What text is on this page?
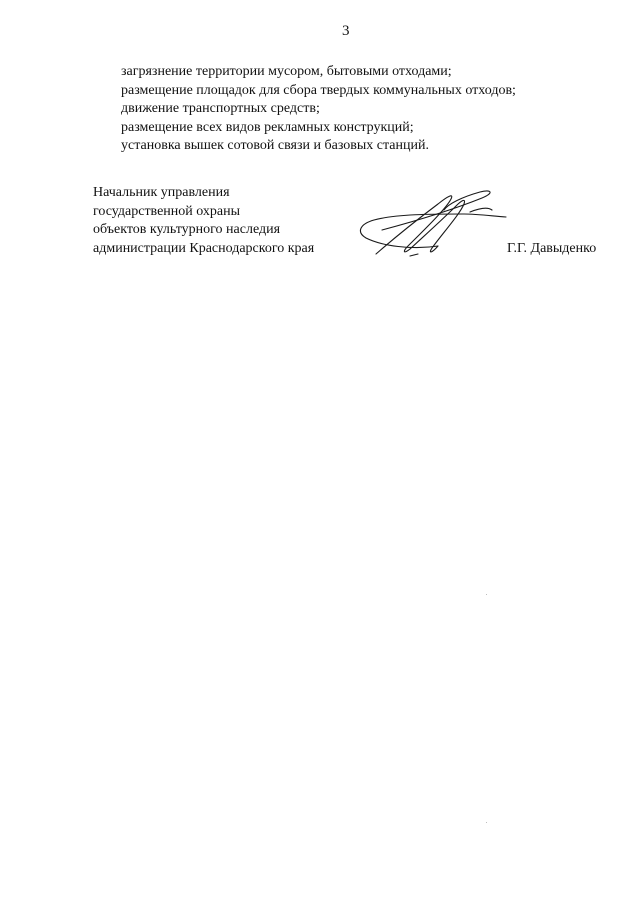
3
загрязнение территории мусором, бытовыми отходами;
размещение площадок для сбора твердых коммунальных отходов;
движение транспортных средств;
размещение всех видов рекламных конструкций;
установка вышек сотовой связи и базовых станций.
Начальник управления
государственной охраны
объектов культурного наследия
администрации Краснодарского края	Г.Г. Давыденко
